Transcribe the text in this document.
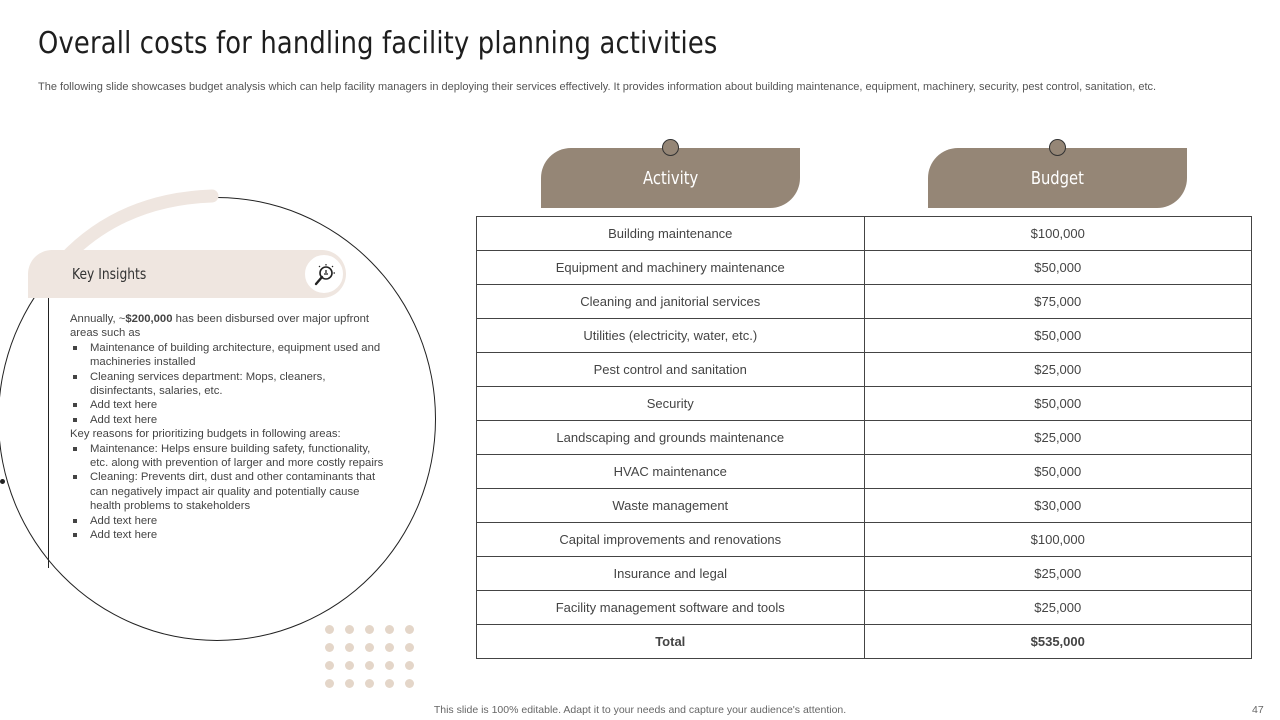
Overall costs for handling facility planning activities
The following slide showcases budget analysis which can help facility managers in deploying their services effectively. It provides information about building maintenance, equipment, machinery, security, pest control, sanitation, etc.
Key Insights

Annually, ~$200,000 has been disbursed over major upfront areas such as

Maintenance of building architecture, equipment used and machineries installed
Cleaning services department: Mops, cleaners, disinfectants, salaries, etc.
Add text here
Add text here

Key reasons for prioritizing budgets in following areas:

Maintenance: Helps ensure building safety, functionality, etc. along with prevention of larger and more costly repairs
Cleaning: Prevents dirt, dust and other contaminants that can negatively impact air quality and potentially cause health problems to stakeholders
Add text here
Add text here
Activity	Budget
Building maintenance	$100,000
Equipment and machinery maintenance	$50,000
Cleaning and janitorial services	$75,000
Utilities (electricity, water, etc.)	$50,000
Pest control and sanitation	$25,000
Security	$50,000
Landscaping and grounds maintenance	$25,000
HVAC maintenance	$50,000
Waste management	$30,000
Capital improvements and renovations	$100,000
Insurance and legal	$25,000
Facility management software and tools	$25,000
Total	$535,000
This slide is 100% editable. Adapt it to your needs and capture your audience's attention.	47
